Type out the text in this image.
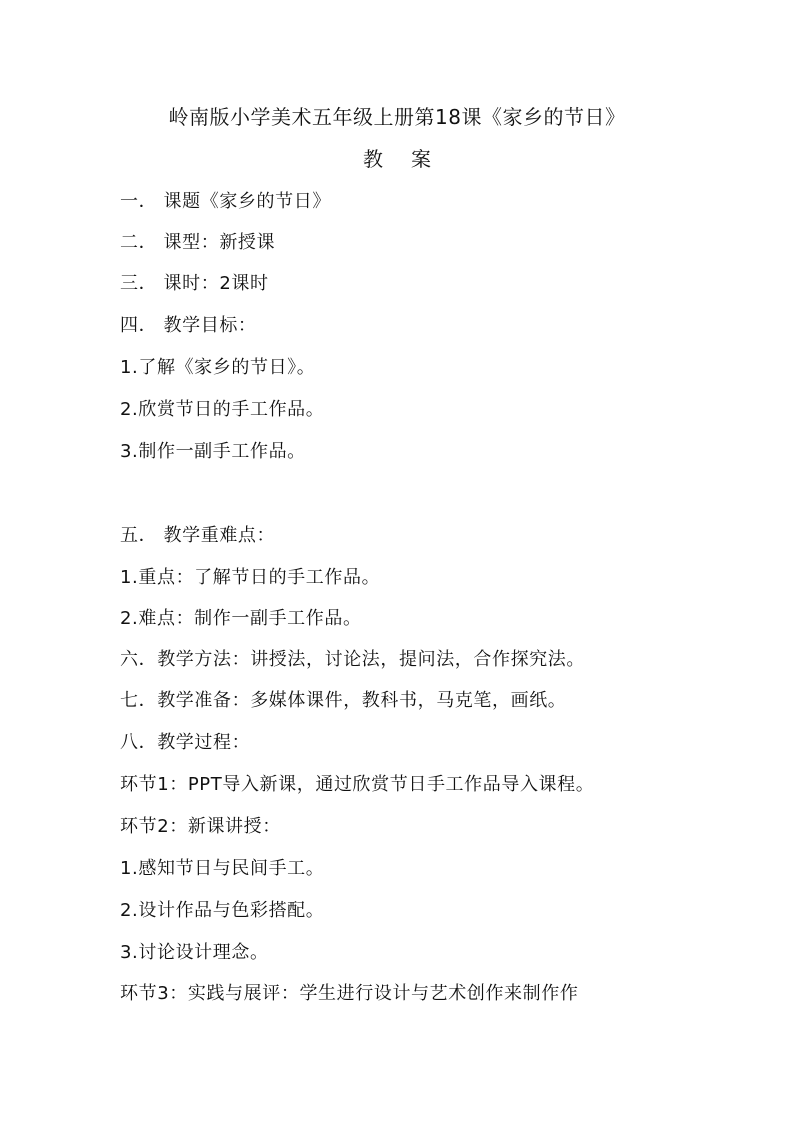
岭南版小学美术五年级上册第18课《家乡的节日》
教案
一． 课题《家乡的节日》
二． 课型：新授课
三． 课时：2课时
四． 教学目标：
1.了解《家乡的节日》。
2.欣赏节日的手工作品。
3.制作一副手工作品。
五． 教学重难点：
1.重点：了解节日的手工作品。
2.难点：制作一副手工作品。
六．教学方法：讲授法，讨论法，提问法，合作探究法。
七．教学准备：多媒体课件，教科书，马克笔，画纸。
八．教学过程：
环节1：PPT导入新课，通过欣赏节日手工作品导入课程。
环节2：新课讲授：
1.感知节日与民间手工。
2.设计作品与色彩搭配。
3.讨论设计理念。
环节3：实践与展评：学生进行设计与艺术创作来制作作
